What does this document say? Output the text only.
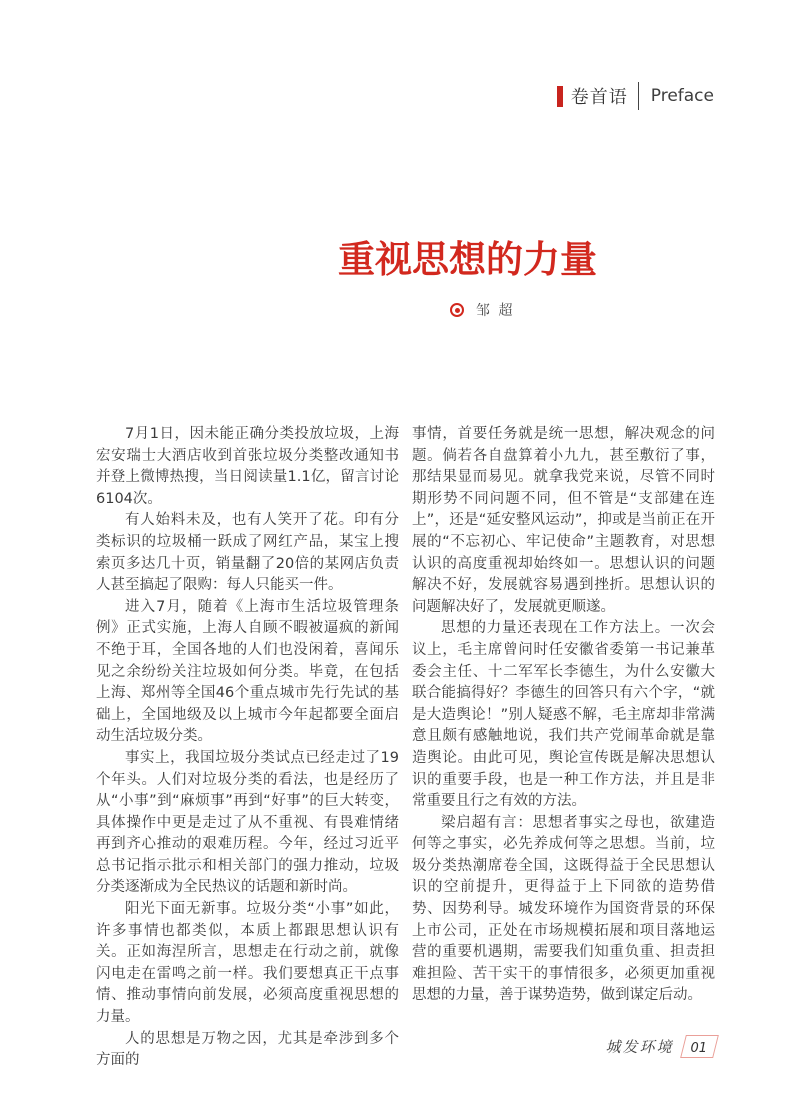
卷首语 Preface
重视思想的力量
邹 超

7月1日，因未能正确分类投放垃圾，上海宏安瑞士大酒店收到首张垃圾分类整改通知书并登上微博热搜，当日阅读量1.1亿，留言讨论6104次。

有人始料未及，也有人笑开了花。印有分类标识的垃圾桶一跃成了网红产品，某宝上搜索页多达几十页，销量翻了20倍的某网店负责人甚至搞起了限购：每人只能买一件。

进入7月，随着《上海市生活垃圾管理条例》正式实施，上海人自顾不暇被逼疯的新闻不绝于耳，全国各地的人们也没闲着，喜闻乐见之余纷纷关注垃圾如何分类。毕竟，在包括上海、郑州等全国46个重点城市先行先试的基础上，全国地级及以上城市今年起都要全面启动生活垃圾分类。

事实上，我国垃圾分类试点已经走过了19个年头。人们对垃圾分类的看法，也是经历了从“小事”到“麻烦事”再到“好事”的巨大转变，具体操作中更是走过了从不重视、有畏难情绪再到齐心推动的艰难历程。今年，经过习近平总书记指示批示和相关部门的强力推动，垃圾分类逐渐成为全民热议的话题和新时尚。

阳光下面无新事。垃圾分类“小事”如此，许多事情也都类似，本质上都跟思想认识有关。正如海涅所言，思想走在行动之前，就像闪电走在雷鸣之前一样。我们要想真正干点事情、推动事情向前发展，必须高度重视思想的力量。

人的思想是万物之因，尤其是牵涉到多个方面的

事情，首要任务就是统一思想，解决观念的问题。倘若各自盘算着小九九，甚至敷衍了事，那结果显而易见。就拿我党来说，尽管不同时期形势不同问题不同，但不管是“支部建在连上”，还是“延安整风运动”，抑或是当前正在开展的“不忘初心、牢记使命”主题教育，对思想认识的高度重视却始终如一。思想认识的问题解决不好，发展就容易遇到挫折。思想认识的问题解决好了，发展就更顺遂。

思想的力量还表现在工作方法上。一次会议上，毛主席曾问时任安徽省委第一书记兼革委会主任、十二军军长李德生，为什么安徽大联合能搞得好？李德生的回答只有六个字，“就是大造舆论！”别人疑惑不解，毛主席却非常满意且颇有感触地说，我们共产党闹革命就是靠造舆论。由此可见，舆论宣传既是解决思想认识的重要手段，也是一种工作方法，并且是非常重要且行之有效的方法。

梁启超有言：思想者事实之母也，欲建造何等之事实，必先养成何等之思想。当前，垃圾分类热潮席卷全国，这既得益于全民思想认识的空前提升，更得益于上下同欲的造势借势、因势利导。城发环境作为国资背景的环保上市公司，正处在市场规模拓展和项目落地运营的重要机遇期，需要我们知重负重、担责担难担险、苦干实干的事情很多，必须更加重视思想的力量，善于谋势造势，做到谋定后动。

城发环境	01
